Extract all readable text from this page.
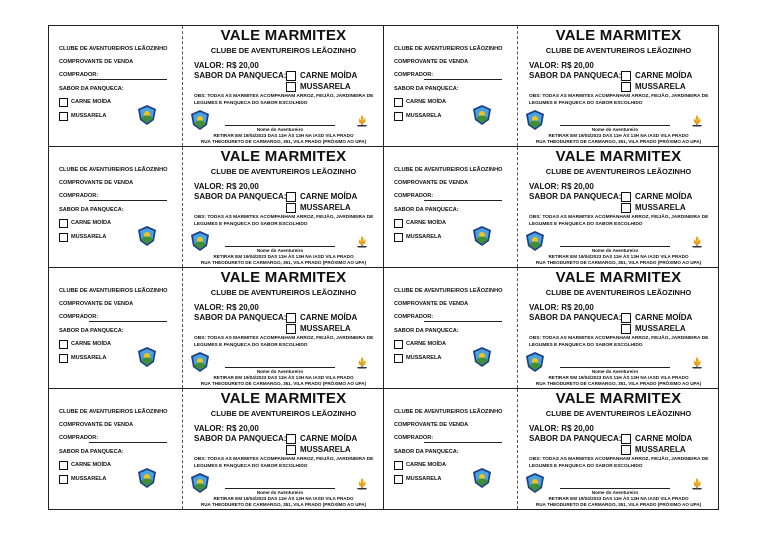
CLUBE DE AVENTUREIROS LEÃOZINHO
COMPROVANTE DE VENDA
COMPRADOR:
SABOR DA PANQUECA:
CARNE MOÍDA
MUSSARELA
VALE MARMITEX
CLUBE DE AVENTUREIROS LEÃOZINHO
VALOR: R$ 20,00
SABOR DA PANQUECA: CARNE MOÍDA
MUSSARELA
OBS: TODAS AS MARMITEX ACOMPANHAM ARROZ, FEIJÃO, JARDINEIRA DE LEGUMES E PANQUECA DO SABOR ESCOLHIDO
Nome do Aventureiro
RETIRAR EM 19/04/2023 DAS 11H ÀS 13H NA IASD VILA PRADO
RUA THEODURETO DE CARMARGO, 351, VILA PRADO (PRÓXIMO AO UPA)
CLUBE DE AVENTUREIROS LEÃOZINHO
COMPROVANTE DE VENDA
COMPRADOR:
SABOR DA PANQUECA:
CARNE MOÍDA
MUSSARELA
VALE MARMITEX
CLUBE DE AVENTUREIROS LEÃOZINHO
VALOR: R$ 20,00
SABOR DA PANQUECA: CARNE MOÍDA
MUSSARELA
OBS: TODAS AS MARMITEX ACOMPANHAM ARROZ, FEIJÃO, JARDINEIRA DE LEGUMES E PANQUECA DO SABOR ESCOLHIDO
Nome do Aventureiro
RETIRAR EM 19/04/2023 DAS 11H ÀS 13H NA IASD VILA PRADO
RUA THEODURETO DE CARMARGO, 351, VILA PRADO (PRÓXIMO AO UPA)
CLUBE DE AVENTUREIROS LEÃOZINHO
COMPROVANTE DE VENDA
COMPRADOR:
SABOR DA PANQUECA:
CARNE MOÍDA
MUSSARELA
VALE MARMITEX
CLUBE DE AVENTUREIROS LEÃOZINHO
VALOR: R$ 20,00
SABOR DA PANQUECA: CARNE MOÍDA
MUSSARELA
OBS: TODAS AS MARMITEX ACOMPANHAM ARROZ, FEIJÃO, JARDINEIRA DE LEGUMES E PANQUECA DO SABOR ESCOLHIDO
Nome do Aventureiro
RETIRAR EM 19/04/2023 DAS 11H ÀS 13H NA IASD VILA PRADO
RUA THEODURETO DE CARMARGO, 351, VILA PRADO (PRÓXIMO AO UPA)
CLUBE DE AVENTUREIROS LEÃOZINHO
COMPROVANTE DE VENDA
COMPRADOR:
SABOR DA PANQUECA:
CARNE MOÍDA
MUSSARELA
VALE MARMITEX
CLUBE DE AVENTUREIROS LEÃOZINHO
VALOR: R$ 20,00
SABOR DA PANQUECA: CARNE MOÍDA
MUSSARELA
OBS: TODAS AS MARMITEX ACOMPANHAM ARROZ, FEIJÃO, JARDINEIRA DE LEGUMES E PANQUECA DO SABOR ESCOLHIDO
Nome do Aventureiro
RETIRAR EM 19/04/2023 DAS 11H ÀS 13H NA IASD VILA PRADO
RUA THEODURETO DE CARMARGO, 351, VILA PRADO (PRÓXIMO AO UPA)
CLUBE DE AVENTUREIROS LEÃOZINHO
COMPROVANTE DE VENDA
COMPRADOR:
SABOR DA PANQUECA:
CARNE MOÍDA
MUSSARELA
VALE MARMITEX
CLUBE DE AVENTUREIROS LEÃOZINHO
VALOR: R$ 20,00
SABOR DA PANQUECA: CARNE MOÍDA
MUSSARELA
OBS: TODAS AS MARMITEX ACOMPANHAM ARROZ, FEIJÃO, JARDINEIRA DE LEGUMES E PANQUECA DO SABOR ESCOLHIDO
Nome do Aventureiro
RETIRAR EM 19/04/2023 DAS 11H ÀS 13H NA IASD VILA PRADO
RUA THEODURETO DE CARMARGO, 351, VILA PRADO (PRÓXIMO AO UPA)
CLUBE DE AVENTUREIROS LEÃOZINHO
COMPROVANTE DE VENDA
COMPRADOR:
SABOR DA PANQUECA:
CARNE MOÍDA
MUSSARELA
VALE MARMITEX
CLUBE DE AVENTUREIROS LEÃOZINHO
VALOR: R$ 20,00
SABOR DA PANQUECA: CARNE MOÍDA
MUSSARELA
OBS: TODAS AS MARMITEX ACOMPANHAM ARROZ, FEIJÃO, JARDINEIRA DE LEGUMES E PANQUECA DO SABOR ESCOLHIDO
Nome do Aventureiro
RETIRAR EM 19/04/2023 DAS 11H ÀS 13H NA IASD VILA PRADO
RUA THEODURETO DE CARMARGO, 351, VILA PRADO (PRÓXIMO AO UPA)
CLUBE DE AVENTUREIROS LEÃOZINHO
COMPROVANTE DE VENDA
COMPRADOR:
SABOR DA PANQUECA:
CARNE MOÍDA
MUSSARELA
VALE MARMITEX
CLUBE DE AVENTUREIROS LEÃOZINHO
VALOR: R$ 20,00
SABOR DA PANQUECA: CARNE MOÍDA
MUSSARELA
OBS: TODAS AS MARMITEX ACOMPANHAM ARROZ, FEIJÃO, JARDINEIRA DE LEGUMES E PANQUECA DO SABOR ESCOLHIDO
Nome do Aventureiro
RETIRAR EM 19/04/2023 DAS 11H ÀS 13H NA IASD VILA PRADO
RUA THEODURETO DE CARMARGO, 351, VILA PRADO (PRÓXIMO AO UPA)
CLUBE DE AVENTUREIROS LEÃOZINHO
COMPROVANTE DE VENDA
COMPRADOR:
SABOR DA PANQUECA:
CARNE MOÍDA
MUSSARELA
VALE MARMITEX
CLUBE DE AVENTUREIROS LEÃOZINHO
VALOR: R$ 20,00
SABOR DA PANQUECA: CARNE MOÍDA
MUSSARELA
OBS: TODAS AS MARMITEX ACOMPANHAM ARROZ, FEIJÃO, JARDINEIRA DE LEGUMES E PANQUECA DO SABOR ESCOLHIDO
Nome do Aventureiro
RETIRAR EM 19/04/2023 DAS 11H ÀS 13H NA IASD VILA PRADO
RUA THEODURETO DE CARMARGO, 351, VILA PRADO (PRÓXIMO AO UPA)
